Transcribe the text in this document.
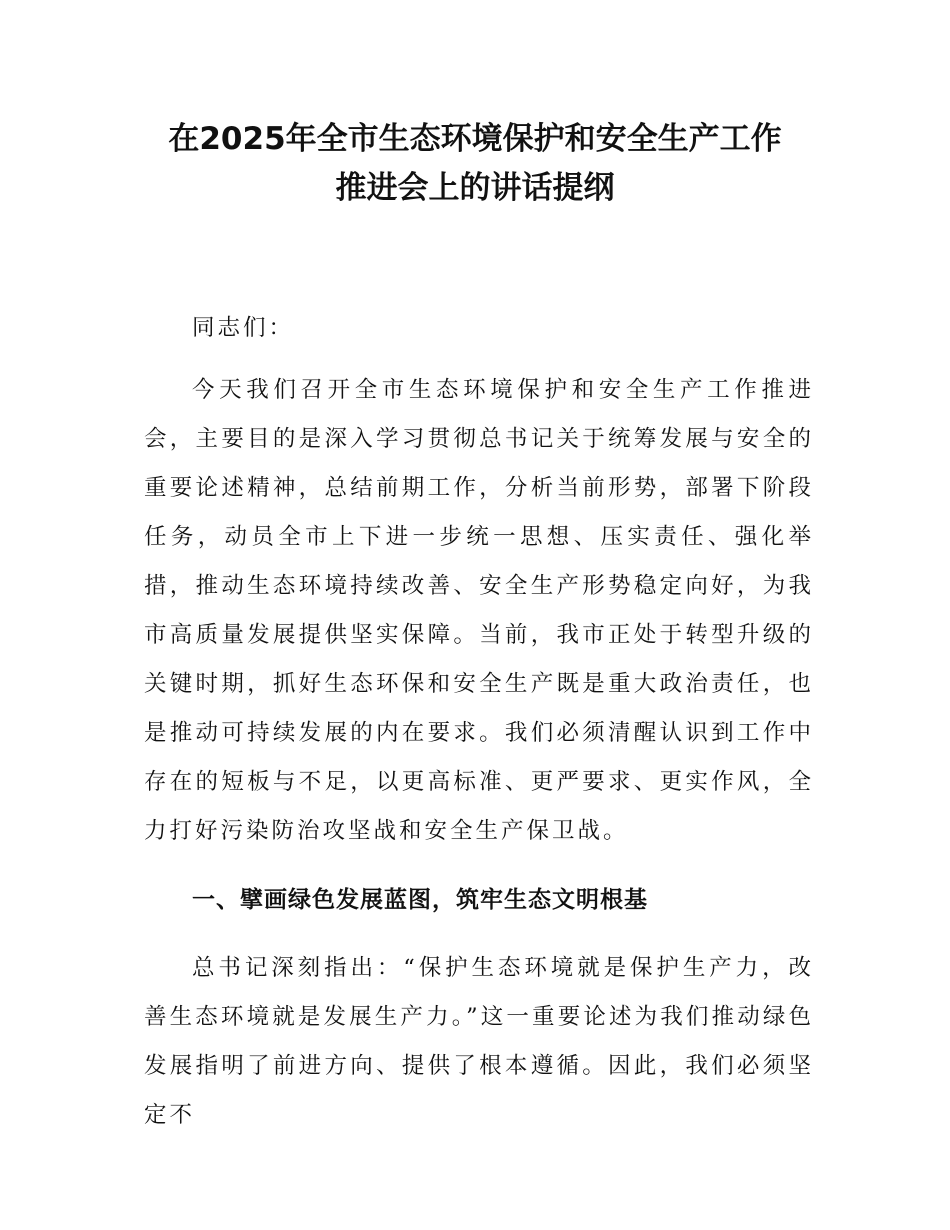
在2025年全市生态环境保护和安全生产工作
推进会上的讲话提纲

同志们：

今天我们召开全市生态环境保护和安全生产工作推进会，主要目的是深入学习贯彻总书记关于统筹发展与安全的重要论述精神，总结前期工作，分析当前形势，部署下阶段任务，动员全市上下进一步统一思想、压实责任、强化举措，推动生态环境持续改善、安全生产形势稳定向好，为我市高质量发展提供坚实保障。当前，我市正处于转型升级的关键时期，抓好生态环保和安全生产既是重大政治责任，也是推动可持续发展的内在要求。我们必须清醒认识到工作中存在的短板与不足，以更高标准、更严要求、更实作风，全力打好污染防治攻坚战和安全生产保卫战。

一、擘画绿色发展蓝图，筑牢生态文明根基

总书记深刻指出：“保护生态环境就是保护生产力，改善生态环境就是发展生产力。”这一重要论述为我们推动绿色发展指明了前进方向、提供了根本遵循。因此，我们必须坚定不
